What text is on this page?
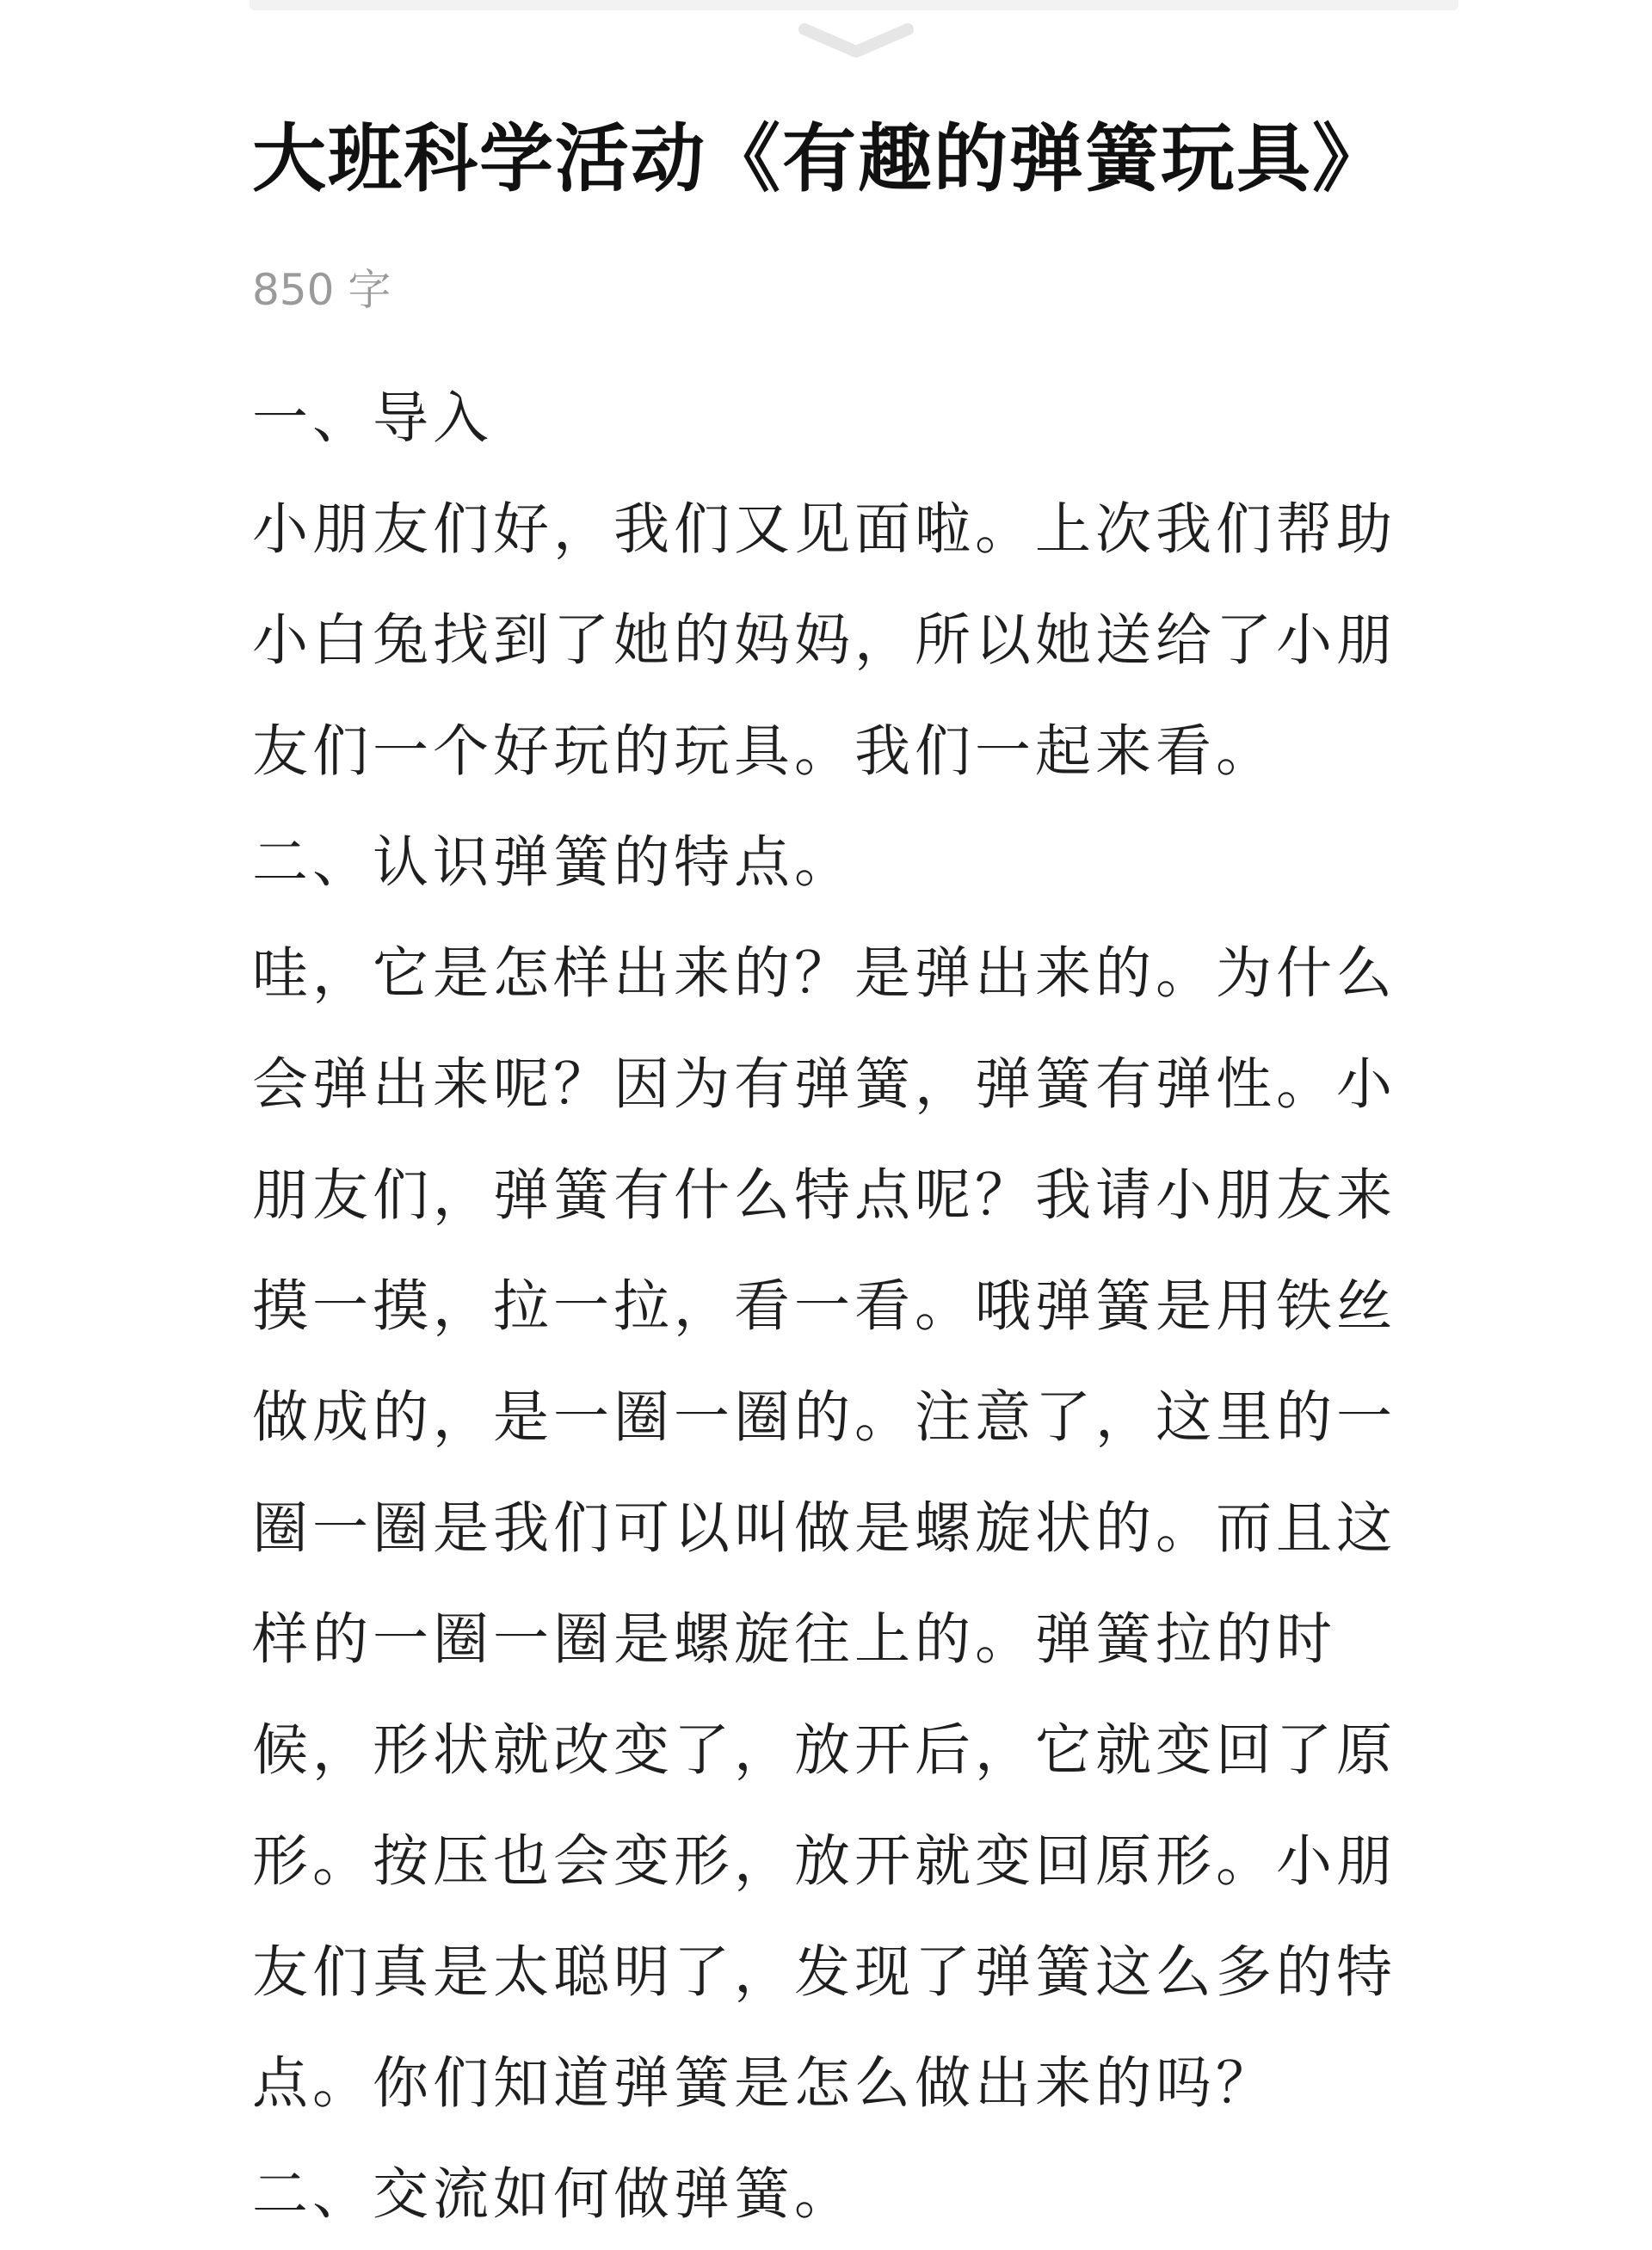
大班科学活动《有趣的弹簧玩具》
850 字

一、导入

小朋友们好，我们又见面啦。上次我们帮助
小白兔找到了她的妈妈，所以她送给了小朋
友们一个好玩的玩具。我们一起来看。

二、认识弹簧的特点。

哇，它是怎样出来的？是弹出来的。为什么
会弹出来呢？因为有弹簧，弹簧有弹性。小
朋友们，弹簧有什么特点呢？我请小朋友来
摸一摸，拉一拉，看一看。哦弹簧是用铁丝
做成的，是一圈一圈的。注意了，这里的一
圈一圈是我们可以叫做是螺旋状的。而且这
样的一圈一圈是螺旋往上的。弹簧拉的时
候，形状就改变了，放开后，它就变回了原
形。按压也会变形，放开就变回原形。小朋
友们真是太聪明了，发现了弹簧这么多的特
点。你们知道弹簧是怎么做出来的吗？

二、交流如何做弹簧。
